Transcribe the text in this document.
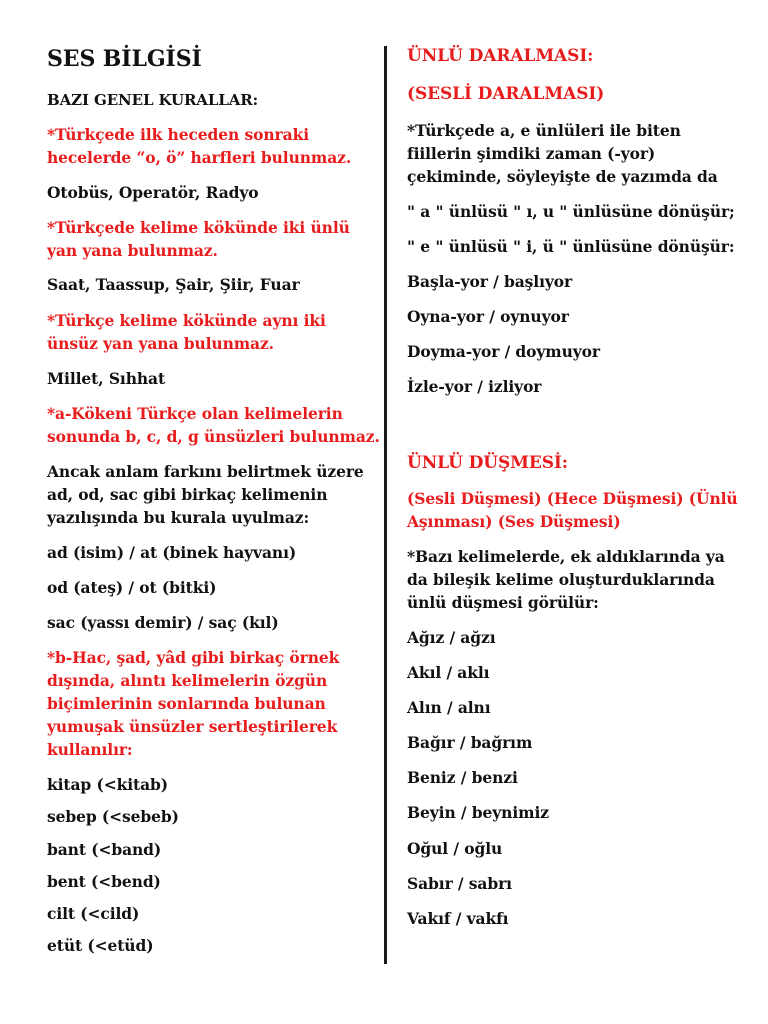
SES BİLGİSİ
BAZI GENEL KURALLAR:
*Türkçede ilk heceden sonraki
hecelerde “o, ö” harfleri bulunmaz.
Otobüs, Operatör, Radyo
*Türkçede kelime kökünde iki ünlü
yan yana bulunmaz.
Saat, Taassup, Şair, Şiir, Fuar
*Türkçe kelime kökünde aynı iki
ünsüz yan yana bulunmaz.
Millet, Sıhhat
*a-Kökeni Türkçe olan kelimelerin
sonunda b, c, d, g ünsüzleri bulunmaz.
Ancak anlam farkını belirtmek üzere
ad, od, sac gibi birkaç kelimenin
yazılışında bu kurala uyulmaz:
ad (isim) / at (binek hayvanı)
od (ateş) / ot (bitki)
sac (yassı demir) / saç (kıl)
*b-Hac, şad, yâd gibi birkaç örnek
dışında, alıntı kelimelerin özgün
biçimlerinin sonlarında bulunan
yumuşak ünsüzler sertleştirilerek
kullanılır:
kitap (<kitab)
sebep (<sebeb)
bant (<band)
bent (<bend)
cilt (<cild)
etüt (<etüd)
ÜNLÜ DARALMASI:
(SESLİ DARALMASI)
*Türkçede a, e ünlüleri ile biten
fiillerin şimdiki zaman (-yor)
çekiminde, söyleyişte de yazımda da
" a " ünlüsü " ı, u " ünlüsüne dönüşür;
" e " ünlüsü " i, ü " ünlüsüne dönüşür:
Başla-yor / başlıyor
Oyna-yor / oynuyor
Doyma-yor / doymuyor
İzle-yor / izliyor
ÜNLÜ DÜŞMESİ:
(Sesli Düşmesi) (Hece Düşmesi) (Ünlü
Aşınması) (Ses Düşmesi)
*Bazı kelimelerde, ek aldıklarında ya
da bileşik kelime oluşturduklarında
ünlü düşmesi görülür:
Ağız / ağzı
Akıl / aklı
Alın / alnı
Bağır / bağrım
Beniz / benzi
Beyin / beynimiz
Oğul / oğlu
Sabır / sabrı
Vakıf / vakfı
